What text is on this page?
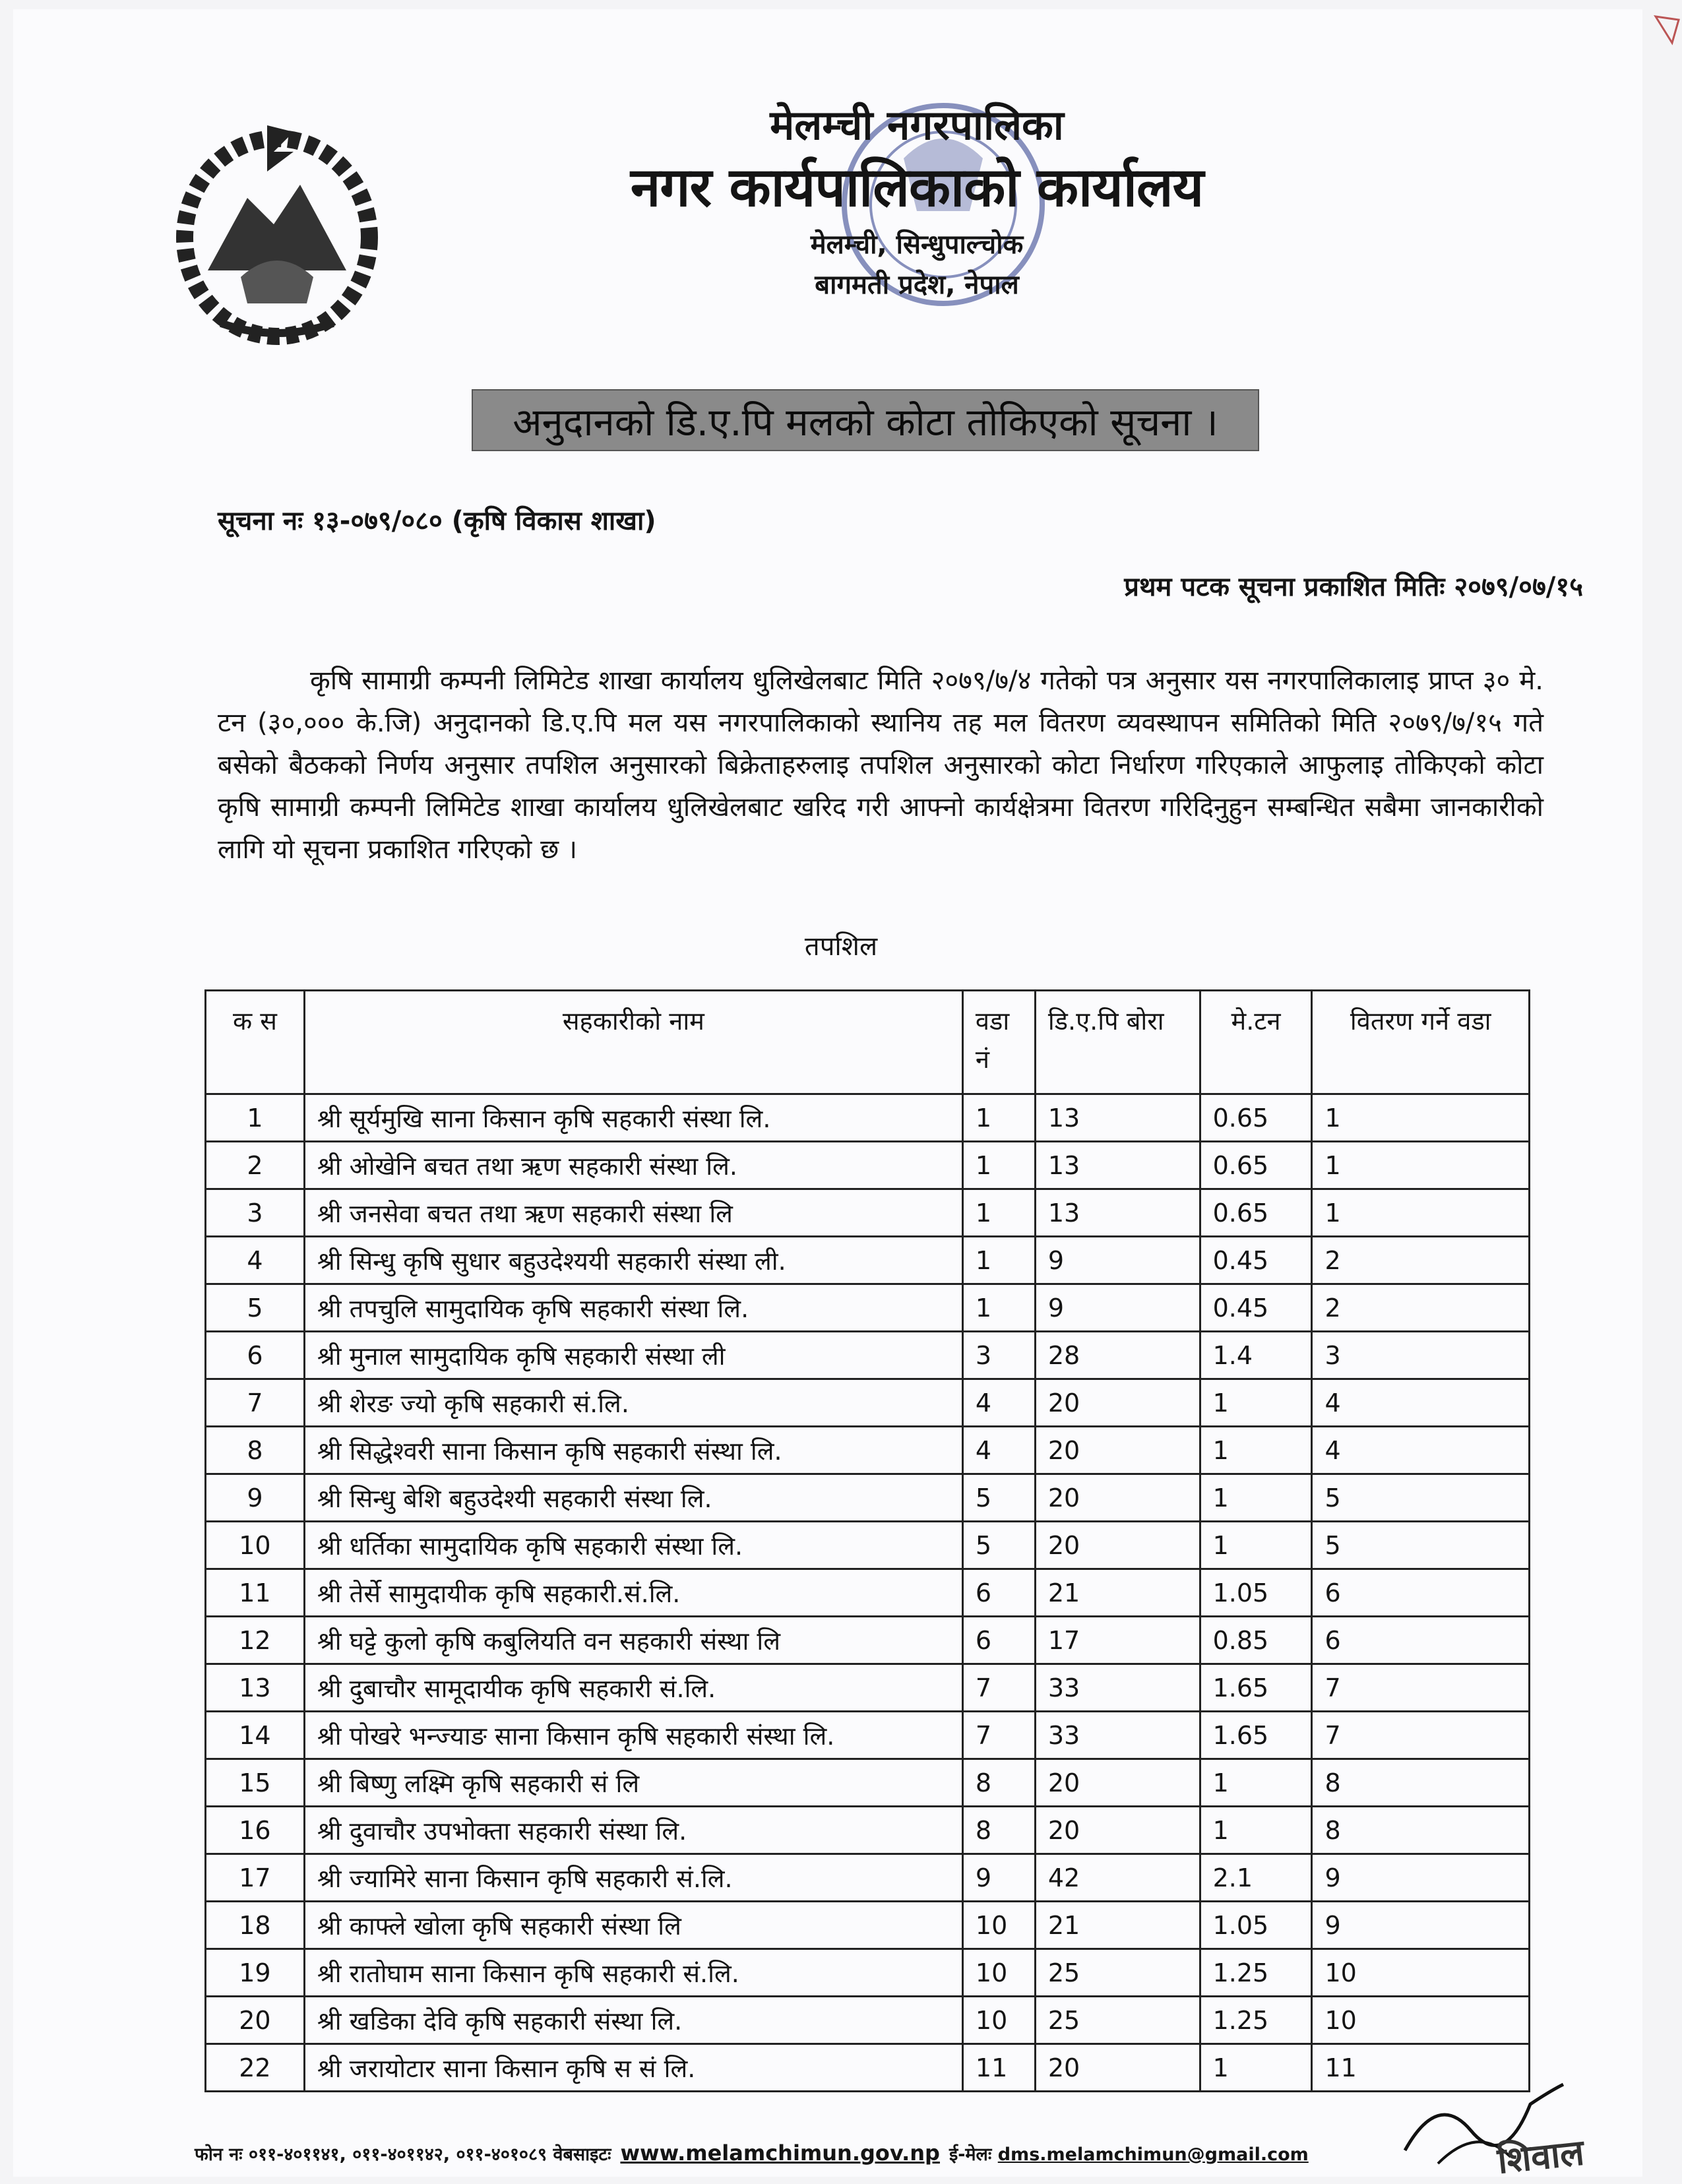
मेलम्ची नगरपालिका
नगर कार्यपालिकाको कार्यालय
मेलम्ची, सिन्धुपाल्चोक
बागमती प्रदेश, नेपाल
अनुदानको डि.ए.पि मलको कोटा तोकिएको सूचना ।
सूचना नः १३-०७९/०८० (कृषि विकास शाखा)
प्रथम पटक सूचना प्रकाशित मितिः २०७९/०७/१५
कृषि सामाग्री कम्पनी लिमिटेड शाखा कार्यालय धुलिखेलबाट मिति २०७९/७/४ गतेको पत्र अनुसार यस नगरपालिकालाइ प्राप्त ३० मे. टन (३०,००० के.जि) अनुदानको डि.ए.पि मल यस नगरपालिकाको स्थानिय तह मल वितरण व्यवस्थापन समितिको मिति २०७९/७/१५ गते बसेको बैठकको निर्णय अनुसार तपशिल अनुसारको बिक्रेताहरुलाइ तपशिल अनुसारको कोटा निर्धारण गरिएकाले आफुलाइ तोकिएको कोटा कृषि सामाग्री कम्पनी लिमिटेड शाखा कार्यालय धुलिखेलबाट खरिद गरी आफ्नो कार्यक्षेत्रमा वितरण गरिदिनुहुन सम्बन्धित सबैमा जानकारीको लागि यो सूचना प्रकाशित गरिएको छ ।
तपशिल
क स	सहकारीको नाम	वडा नं	डि.ए.पि बोरा	मे.टन	वितरण गर्ने वडा
1	श्री सूर्यमुखि साना किसान कृषि सहकारी संस्था लि.	1	13	0.65	1
2	श्री ओखेनि बचत तथा ऋण सहकारी संस्था लि.	1	13	0.65	1
3	श्री जनसेवा बचत तथा ऋण सहकारी संस्था लि	1	13	0.65	1
4	श्री सिन्धु कृषि सुधार बहुउदेश्ययी सहकारी संस्था ली.	1	9	0.45	2
5	श्री तपचुलि सामुदायिक कृषि सहकारी संस्था लि.	1	9	0.45	2
6	श्री मुनाल सामुदायिक कृषि सहकारी संस्था ली	3	28	1.4	3
7	श्री शेरङ ज्यो कृषि सहकारी सं.लि.	4	20	1	4
8	श्री सिद्धेश्वरी साना किसान कृषि सहकारी संस्था लि.	4	20	1	4
9	श्री सिन्धु बेशि बहुउदेश्यी सहकारी संस्था लि.	5	20	1	5
10	श्री धर्तिका सामुदायिक कृषि सहकारी संस्था लि.	5	20	1	5
11	श्री तेर्से सामुदायीक कृषि सहकारी.सं.लि.	6	21	1.05	6
12	श्री घट्टे कुलो कृषि कबुलियति वन सहकारी संस्था लि	6	17	0.85	6
13	श्री दुबाचौर सामूदायीक कृषि सहकारी सं.लि.	7	33	1.65	7
14	श्री पोखरे भन्ज्याङ साना किसान कृषि सहकारी संस्था लि.	7	33	1.65	7
15	श्री बिष्णु लक्ष्मि कृषि सहकारी सं लि	8	20	1	8
16	श्री दुवाचौर उपभोक्ता सहकारी संस्था लि.	8	20	1	8
17	श्री ज्यामिरे साना किसान कृषि सहकारी सं.लि.	9	42	2.1	9
18	श्री काफ्ले खोला कृषि सहकारी संस्था लि	10	21	1.05	9
19	श्री रातोघाम साना किसान कृषि सहकारी सं.लि.	10	25	1.25	10
20	श्री खडिका देवि कृषि सहकारी संस्था लि.	10	25	1.25	10
22	श्री जरायोटार साना किसान कृषि स सं लि.	11	20	1	11
फोन नः ०११-४०११४१, ०११-४०११४२, ०११-४०१०८९ वेबसाइटः www.melamchimun.gov.np ई-मेलः dms.melamchimun@gmail.com	शिवाल
